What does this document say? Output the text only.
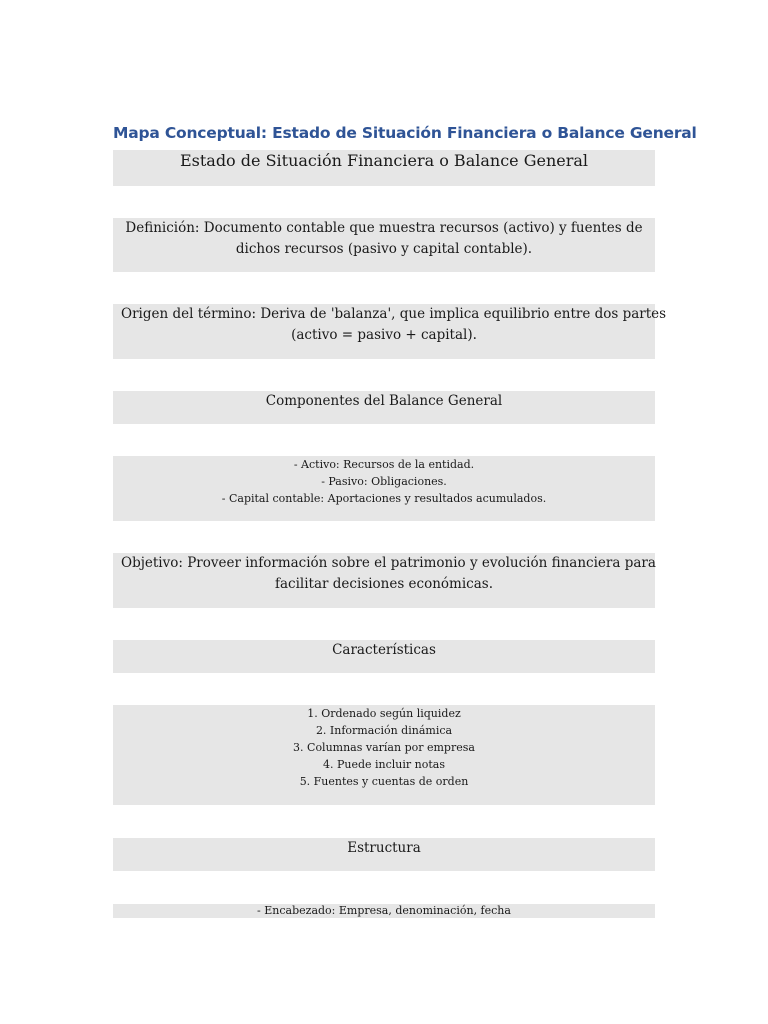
Mapa Conceptual: Estado de Situación Financiera o Balance General
Estado de Situación Financiera o Balance General
Definición: Documento contable que muestra recursos (activo) y fuentes de
dichos recursos (pasivo y capital contable).
Origen del término: Deriva de 'balanza', que implica equilibrio entre dos partes
(activo = pasivo + capital).
Componentes del Balance General
- Activo: Recursos de la entidad.
- Pasivo: Obligaciones.
- Capital contable: Aportaciones y resultados acumulados.
Objetivo: Proveer información sobre el patrimonio y evolución financiera para
facilitar decisiones económicas.
Características
1. Ordenado según liquidez
2. Información dinámica
3. Columnas varían por empresa
4. Puede incluir notas
5. Fuentes y cuentas de orden
Estructura
- Encabezado: Empresa, denominación, fecha
